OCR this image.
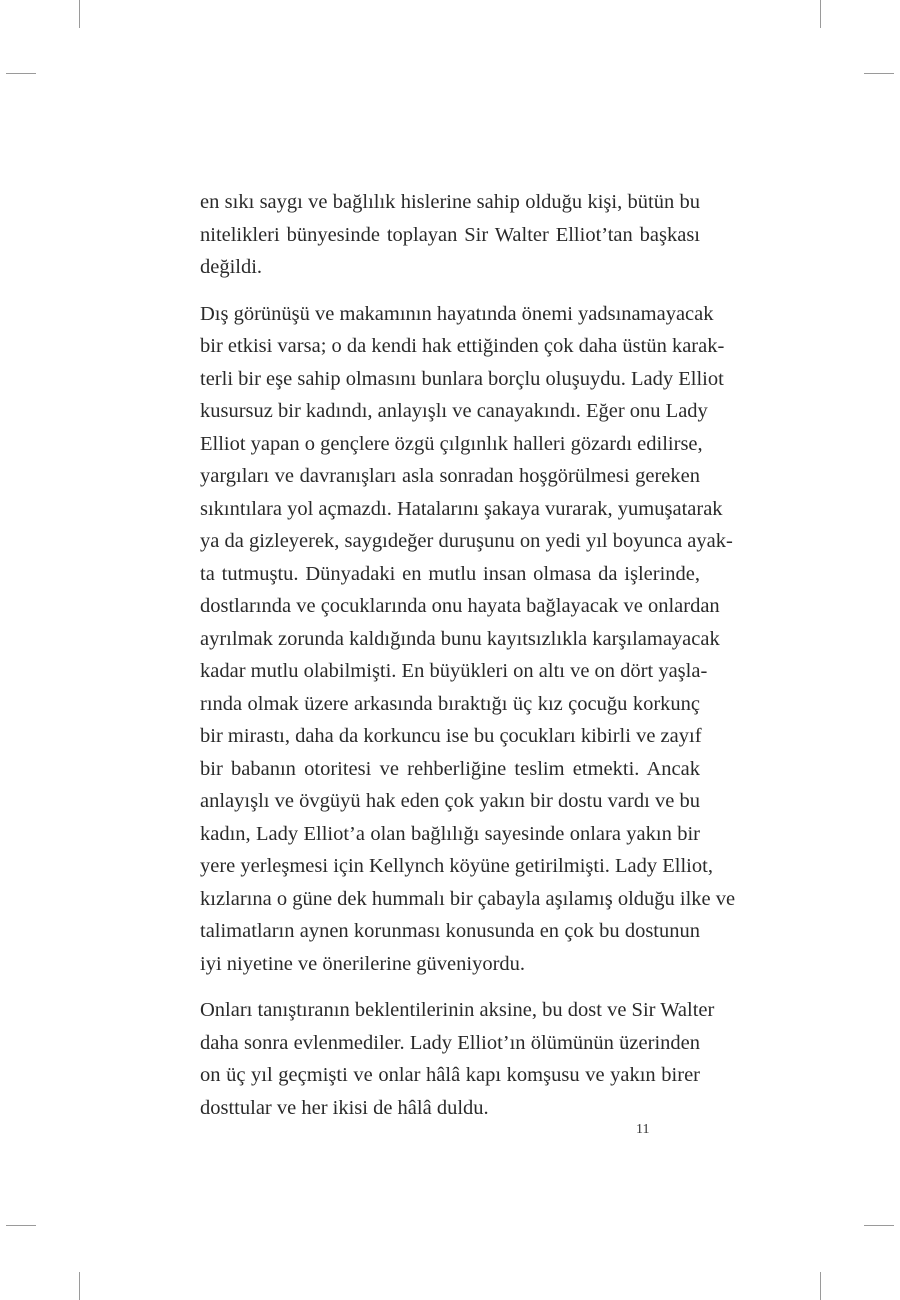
en sıkı saygı ve bağlılık hislerine sahip olduğu kişi, bütün bu
nitelikleri bünyesinde toplayan Sir Walter Elliot’tan başkası
değildi.

Dış görünüşü ve makamının hayatında önemi yadsınamayacak
bir etkisi varsa; o da kendi hak ettiğinden çok daha üstün karak-
terli bir eşe sahip olmasını bunlara borçlu oluşuydu. Lady Elliot
kusursuz bir kadındı, anlayışlı ve canayakındı. Eğer onu Lady
Elliot yapan o gençlere özgü çılgınlık halleri gözardı edilirse,
yargıları ve davranışları asla sonradan hoşgörülmesi gereken
sıkıntılara yol açmazdı. Hatalarını şakaya vurarak, yumuşatarak
ya da gizleyerek, saygıdeğer duruşunu on yedi yıl boyunca ayak-
ta tutmuştu. Dünyadaki en mutlu insan olmasa da işlerinde,
dostlarında ve çocuklarında onu hayata bağlayacak ve onlardan
ayrılmak zorunda kaldığında bunu kayıtsızlıkla karşılamayacak
kadar mutlu olabilmişti. En büyükleri on altı ve on dört yaşla-
rında olmak üzere arkasında bıraktığı üç kız çocuğu korkunç
bir mirastı, daha da korkuncu ise bu çocukları kibirli ve zayıf
bir babanın otoritesi ve rehberliğine teslim etmekti. Ancak
anlayışlı ve övgüyü hak eden çok yakın bir dostu vardı ve bu
kadın, Lady Elliot’a olan bağlılığı sayesinde onlara yakın bir
yere yerleşmesi için Kellynch köyüne getirilmişti. Lady Elliot,
kızlarına o güne dek hummalı bir çabayla aşılamış olduğu ilke ve
talimatların aynen korunması konusunda en çok bu dostunun
iyi niyetine ve önerilerine güveniyordu.

Onları tanıştıranın beklentilerinin aksine, bu dost ve Sir Walter
daha sonra evlenmediler. Lady Elliot’ın ölümünün üzerinden
on üç yıl geçmişti ve onlar hâlâ kapı komşusu ve yakın birer
dosttular ve her ikisi de hâlâ duldu.

11
